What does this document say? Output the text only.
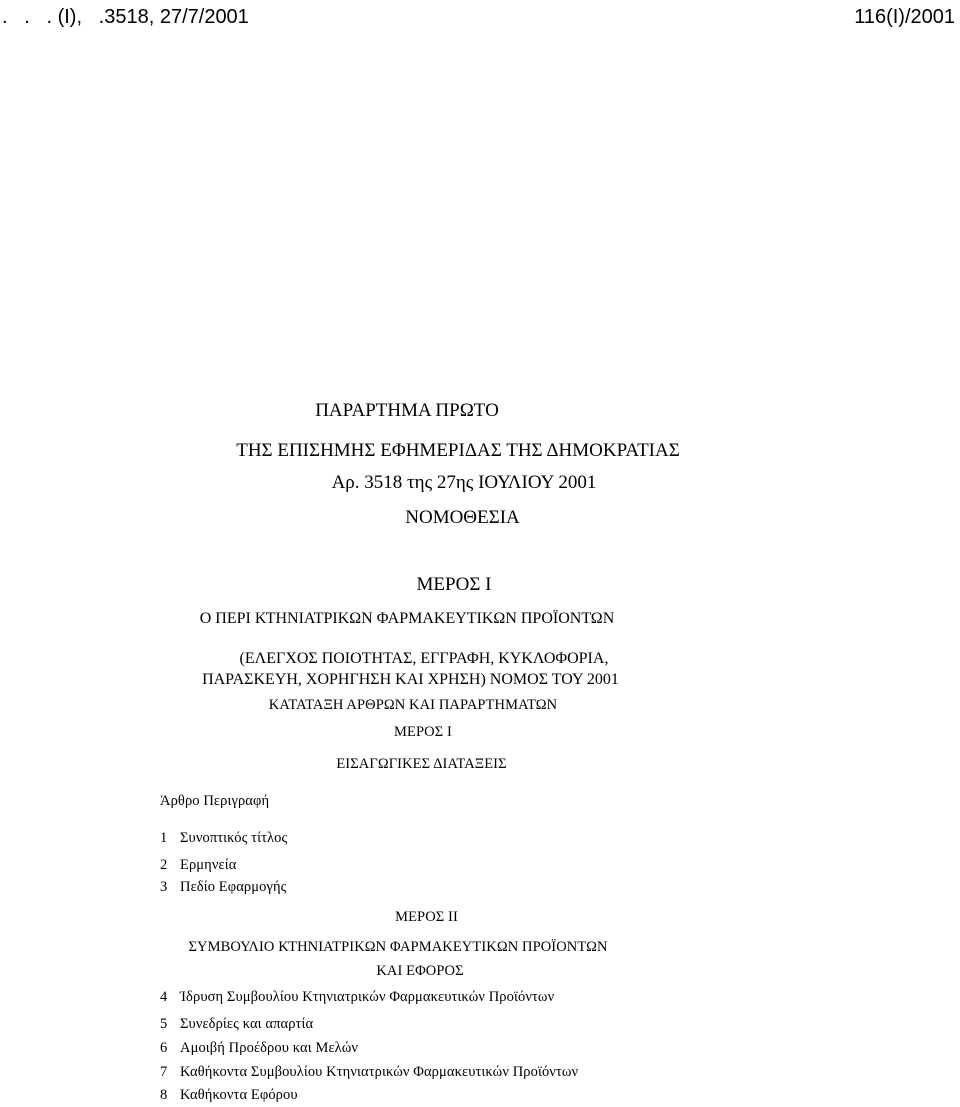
.   .   . (I),   .3518, 27/7/2001	116(I)/2001
ΠΑΡΑΡΤΗΜΑ ΠΡΩΤΟ
ΤΗΣ ΕΠΙΣΗΜΗΣ ΕΦΗΜΕΡΙΔΑΣ ΤΗΣ ΔΗΜΟΚΡΑΤΙΑΣ
Αρ. 3518 της 27ης ΙΟΥΛΙΟΥ 2001
ΝΟΜΟΘΕΣΙΑ
ΜΕΡΟΣ Ι
Ο ΠΕΡΙ ΚΤΗΝΙΑΤΡΙΚΩΝ ΦΑΡΜΑΚΕΥΤΙΚΩΝ ΠΡΟΪΟΝΤΩΝ
(ΕΛΕΓΧΟΣ ΠΟΙΟΤΗΤΑΣ, ΕΓΓΡΑΦΗ, ΚΥΚΛΟΦΟΡΙΑ,
ΠΑΡΑΣΚΕΥΗ, ΧΟΡΗΓΗΣΗ ΚΑΙ ΧΡΗΣΗ) ΝΟΜΟΣ ΤΟΥ 2001
ΚΑΤΑΤΑΞΗ ΑΡΘΡΩΝ ΚΑΙ ΠΑΡΑΡΤΗΜΑΤΩΝ
ΜΕΡΟΣ Ι
ΕΙΣΑΓΩΓΙΚΕΣ ΔΙΑΤΑΞΕΙΣ
Άρθρο Περιγραφή
1 Συνοπτικός τίτλος
2 Ερμηνεία
3 Πεδίο Εφαρμογής
ΜΕΡΟΣ ΙΙ
ΣΥΜΒΟΥΛΙΟ ΚΤΗΝΙΑΤΡΙΚΩΝ ΦΑΡΜΑΚΕΥΤΙΚΩΝ ΠΡΟΪΟΝΤΩΝ
ΚΑΙ ΕΦΟΡΟΣ
4 Ίδρυση Συμβουλίου Κτηνιατρικών Φαρμακευτικών Προϊόντων
5 Συνεδρίες και απαρτία
6 Αμοιβή Προέδρου και Μελών
7 Καθήκοντα Συμβουλίου Κτηνιατρικών Φαρμακευτικών Προϊόντων
8 Καθήκοντα Εφόρου
